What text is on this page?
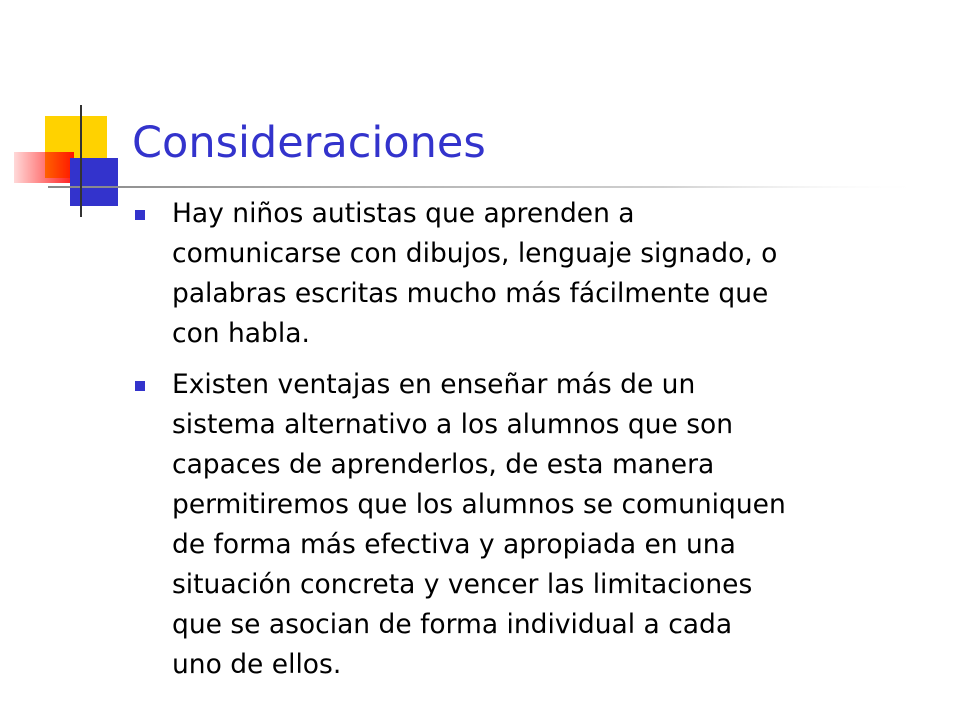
Consideraciones
Hay niños autistas que aprenden a
comunicarse con dibujos, lenguaje signado, o
palabras escritas mucho más fácilmente que
con habla.
Existen ventajas en enseñar más de un
sistema alternativo a los alumnos que son
capaces de aprenderlos, de esta manera
permitiremos que los alumnos se comuniquen
de forma más efectiva y apropiada en una
situación concreta y vencer las limitaciones
que se asocian de forma individual a cada
uno de ellos.
